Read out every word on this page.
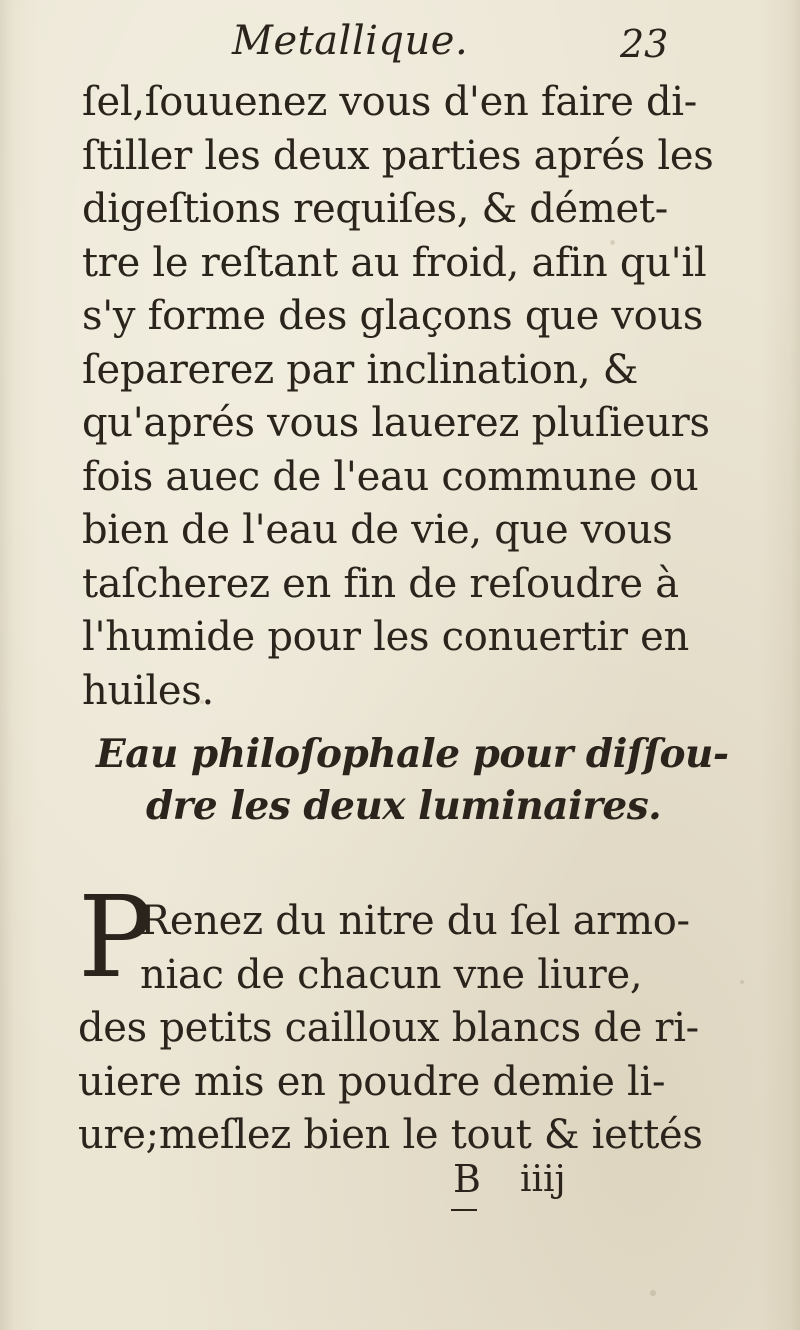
Metallique.	23
ſel,ſouuenez vous d'en faire di-
ſtiller les deux parties aprés les
digeſtions requiſes, & démet-
tre le reſtant au froid, afin qu'il
s'y forme des glaçons que vous
ſeparerez par inclination, &
qu'aprés vous lauerez pluſieurs
fois auec de l'eau commune ou
bien de l'eau de vie, que vous
taſcherez en fin de reſoudre à
l'humide pour les conuertir en
huiles.
Eau philoſophale pour diſſou-
dre les deux luminaires.
P
Renez du nitre du ſel armo-
niac de chacun vne liure,
des petits cailloux blancs de ri-
uiere mis en poudre demie li-
ure;meſlez bien le tout & iettés
B iiij
